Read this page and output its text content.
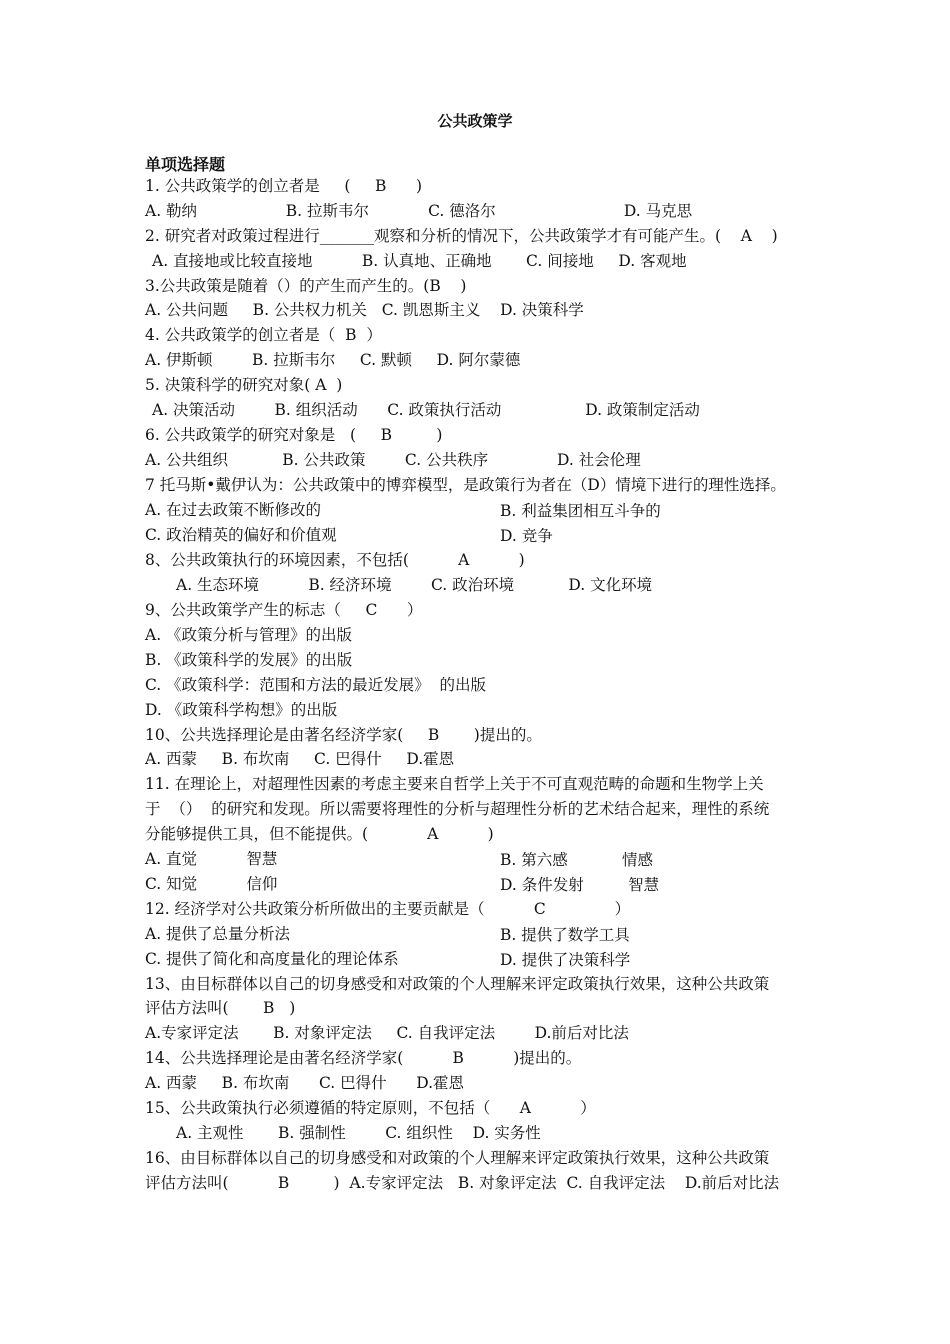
公共政策学
单项选择题
1. 公共政策学的创立者是     (     B      )
A. 勒纳                  B. 拉斯韦尔            C. 德洛尔                          D. 马克思
2. 研究者对政策过程进行_______观察和分析的情况下，公共政策学才有可能产生。(    A    )
A. 直接地或比较直接地          B. 认真地、正确地       C. 间接地     D. 客观地
3.公共政策是随着（）的产生而产生的。(B    )
A. 公共问题     B. 公共权力机关   C. 凯恩斯主义    D. 决策科学
4. 公共政策学的创立者是（  B  ）
A. 伊斯顿        B. 拉斯韦尔     C. 默顿     D. 阿尔蒙德
5. 决策科学的研究对象( A  )
A. 决策活动        B. 组织活动      C. 政策执行活动                 D. 政策制定活动
6. 公共政策学的研究对象是   (     B         )
A. 公共组织           B. 公共政策        C. 公共秩序              D. 社会伦理
7 托马斯•戴伊认为：公共政策中的博弈模型，是政策行为者在（D）情境下进行的理性选择。
A. 在过去政策不断修改的	B. 利益集团相互斗争的
C. 政治精英的偏好和价值观	D. 竞争
8、公共政策执行的环境因素，不包括(          A          )
A. 生态环境          B. 经济环境        C. 政治环境           D. 文化环境
9、公共政策学产生的标志（     C      ）
A. 《政策分析与管理》的出版
B. 《政策科学的发展》的出版
C. 《政策科学：范围和方法的最近发展》  的出版
D. 《政策科学构想》的出版
10、公共选择理论是由著名经济学家(     B       )提出的。
A. 西蒙     B. 布坎南     C. 巴得什     D.霍恩
11. 在理论上，对超理性因素的考虑主要来自哲学上关于不可直观范畴的命题和生物学上关
于  （）  的研究和发现。所以需要将理性的分析与超理性分析的艺术结合起来，理性的系统
分能够提供工具，但不能提供。(            A          )
A. 直觉          智慧	B. 第六感           情感
C. 知觉          信仰	D. 条件发射         智慧
12. 经济学对公共政策分析所做出的主要贡献是（          C              ）
A. 提供了总量分析法	B. 提供了数学工具
C. 提供了简化和高度量化的理论体系	D. 提供了决策科学
13、由目标群体以自己的切身感受和对政策的个人理解来评定政策执行效果，这种公共政策
评估方法叫(       B   )
A.专家评定法       B. 对象评定法     C. 自我评定法        D.前后对比法
14、公共选择理论是由著名经济学家(          B          )提出的。
A. 西蒙     B. 布坎南      C. 巴得什      D.霍恩
15、公共政策执行必须遵循的特定原则，不包括（      A          ）
A. 主观性       B. 强制性        C. 组织性    D. 实务性
16、由目标群体以自己的切身感受和对政策的个人理解来评定政策执行效果，这种公共政策
评估方法叫(          B         )  A.专家评定法   B. 对象评定法  C. 自我评定法    D.前后对比法
